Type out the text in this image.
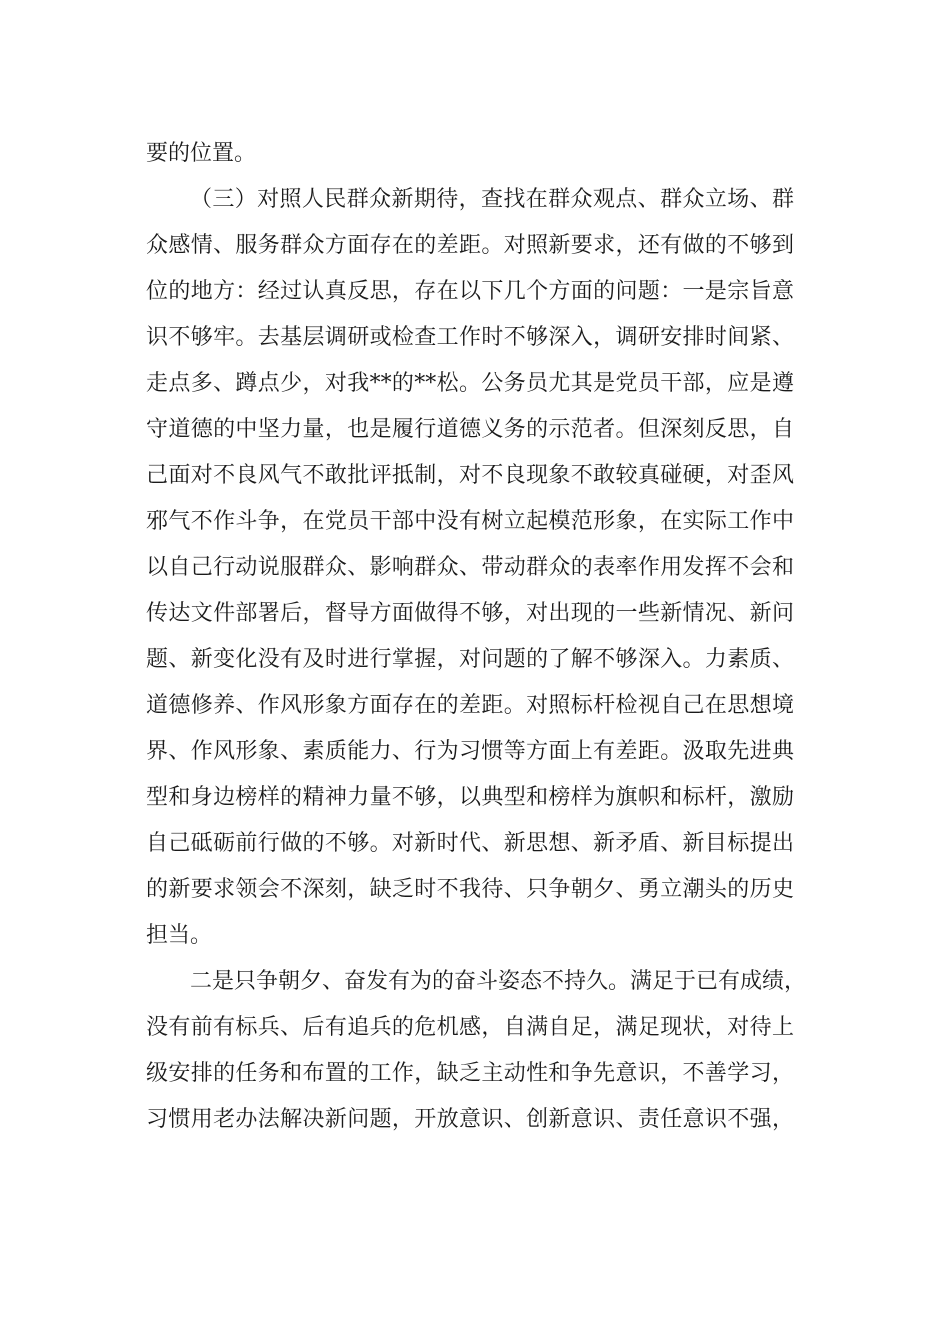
要的位置。
（三）对照人民群众新期待，查找在群众观点、群众立场、群
众感情、服务群众方面存在的差距。对照新要求，还有做的不够到
位的地方：经过认真反思，存在以下几个方面的问题：一是宗旨意
识不够牢。去基层调研或检查工作时不够深入，调研安排时间紧、
走点多、蹲点少，对我**的**松。公务员尤其是党员干部，应是遵
守道德的中坚力量，也是履行道德义务的示范者。但深刻反思，自
己面对不良风气不敢批评抵制，对不良现象不敢较真碰硬，对歪风
邪气不作斗争，在党员干部中没有树立起模范形象，在实际工作中
以自己行动说服群众、影响群众、带动群众的表率作用发挥不会和
传达文件部署后，督导方面做得不够，对出现的一些新情况、新问
题、新变化没有及时进行掌握，对问题的了解不够深入。力素质、
道德修养、作风形象方面存在的差距。对照标杆检视自己在思想境
界、作风形象、素质能力、行为习惯等方面上有差距。汲取先进典
型和身边榜样的精神力量不够，以典型和榜样为旗帜和标杆，激励
自己砥砺前行做的不够。对新时代、新思想、新矛盾、新目标提出
的新要求领会不深刻，缺乏时不我待、只争朝夕、勇立潮头的历史
担当。
二是只争朝夕、奋发有为的奋斗姿态不持久。满足于已有成绩，
没有前有标兵、后有追兵的危机感，自满自足，满足现状，对待上
级安排的任务和布置的工作，缺乏主动性和争先意识，不善学习，
习惯用老办法解决新问题，开放意识、创新意识、责任意识不强，
